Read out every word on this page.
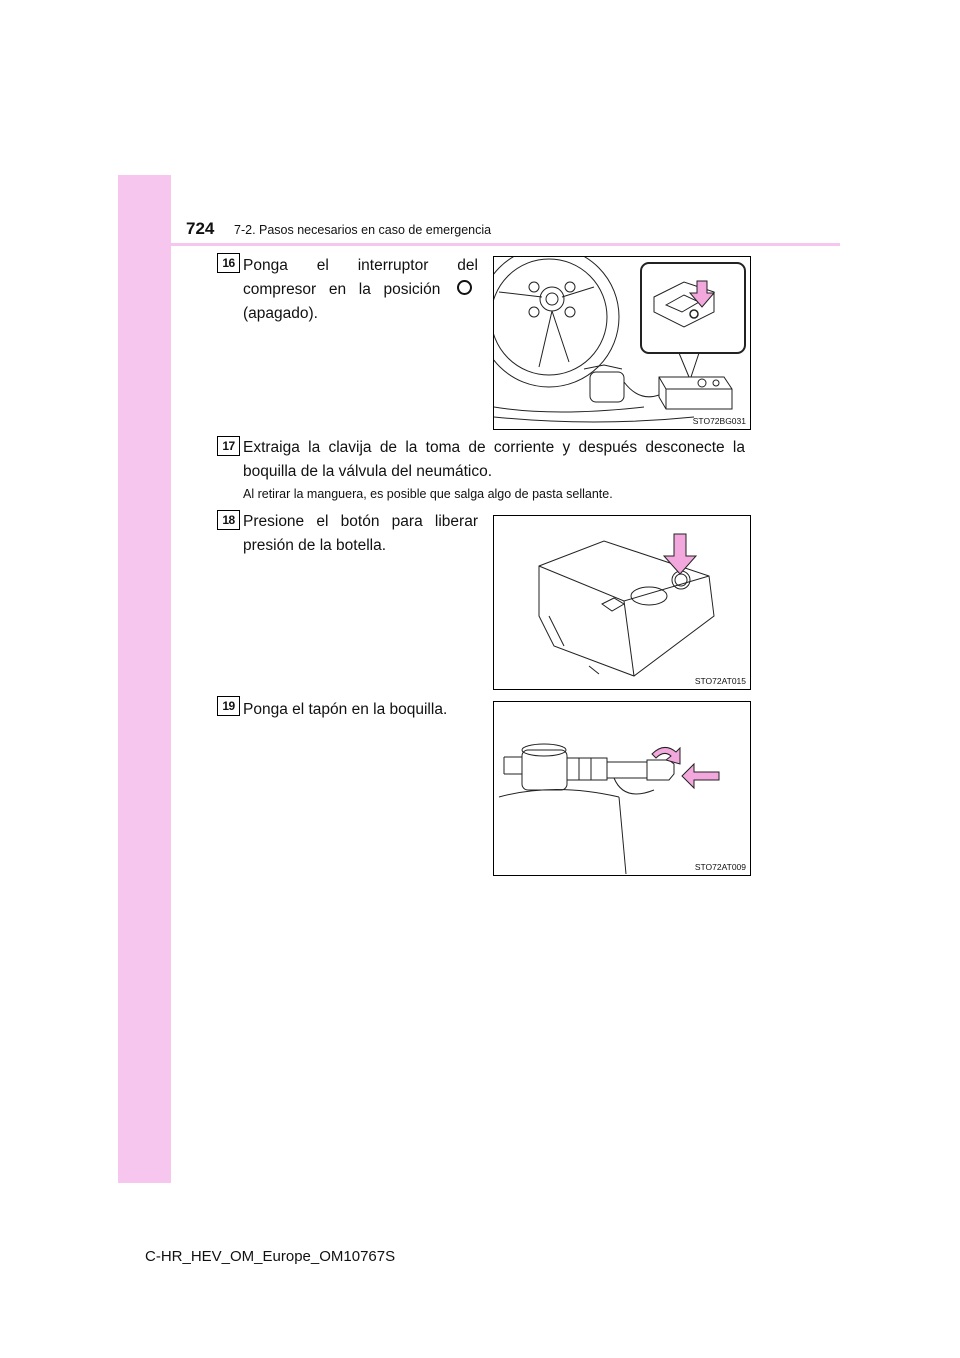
724 7-2. Pasos necesarios en caso de emergencia
16 Ponga el interruptor del compresor en la posición  (apagado).
STO72BG031
17 Extraiga la clavija de la toma de corriente y después desconecte la boquilla de la válvula del neumático.
Al retirar la manguera, es posible que salga algo de pasta sellante.
18 Presione el botón para liberar presión de la botella.
STO72AT015
19 Ponga el tapón en la boquilla.
STO72AT009
C-HR_HEV_OM_Europe_OM10767S
